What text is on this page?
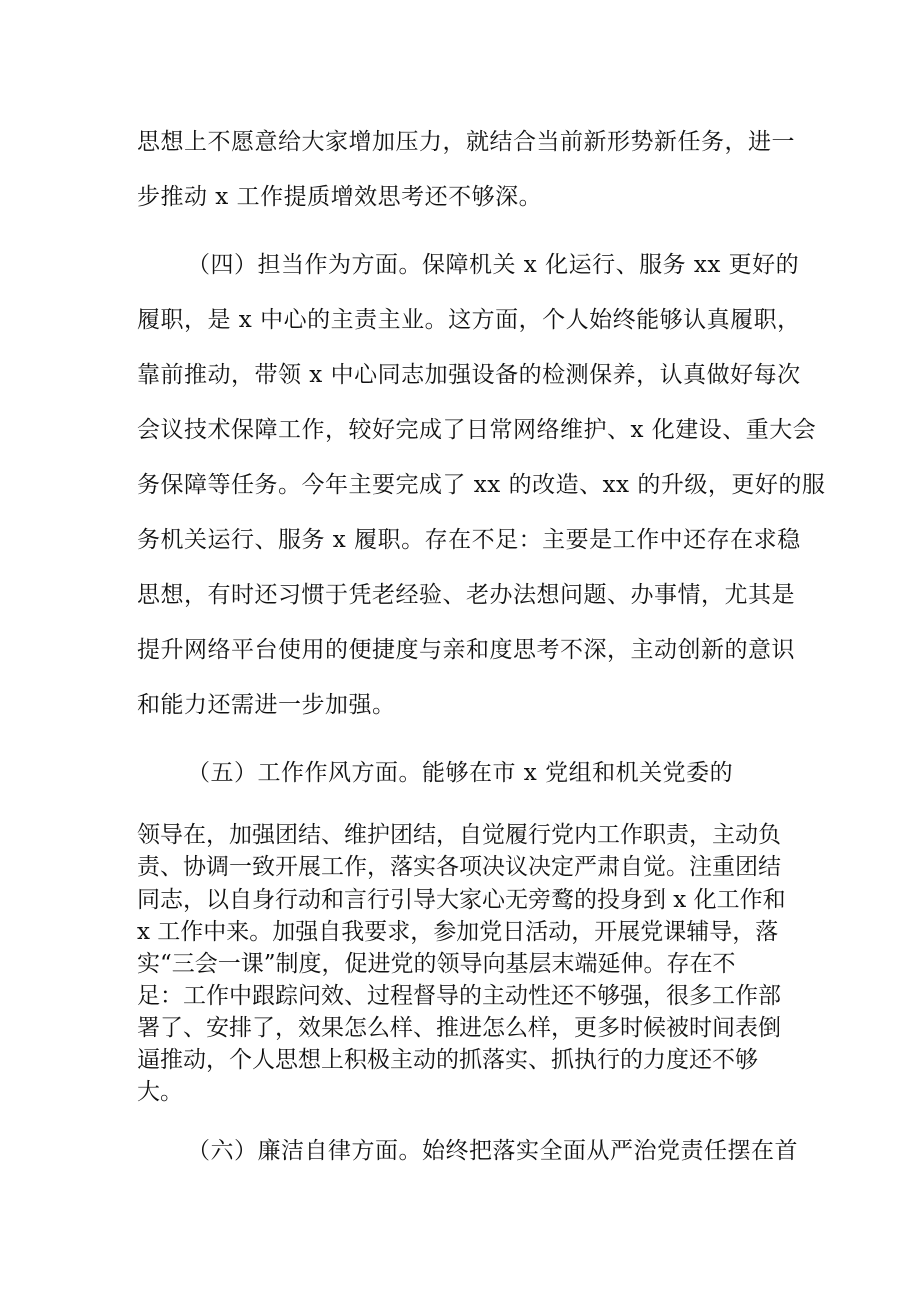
思想上不愿意给大家增加压力，就结合当前新形势新任务，进一

步推动 x 工作提质增效思考还不够深。

（四）担当作为方面。保障机关 x 化运行、服务 xx 更好的

履职，是 x 中心的主责主业。这方面，个人始终能够认真履职，

靠前推动，带领 x 中心同志加强设备的检测保养，认真做好每次

会议技术保障工作，较好完成了日常网络维护、x 化建设、重大会

务保障等任务。今年主要完成了 xx 的改造、xx 的升级，更好的服

务机关运行、服务 x 履职。存在不足：主要是工作中还存在求稳

思想，有时还习惯于凭老经验、老办法想问题、办事情，尤其是

提升网络平台使用的便捷度与亲和度思考不深，主动创新的意识

和能力还需进一步加强。

（五）工作作风方面。能够在市 x 党组和机关党委的

领导在，加强团结、维护团结，自觉履行党内工作职责，主动负

责、协调一致开展工作，落实各项决议决定严肃自觉。注重团结

同志，以自身行动和言行引导大家心无旁鹜的投身到 x 化工作和

x 工作中来。加强自我要求，参加党日活动，开展党课辅导，落

实“三会一课”制度，促进党的领导向基层末端延伸。存在不

足：工作中跟踪问效、过程督导的主动性还不够强，很多工作部

署了、安排了，效果怎么样、推进怎么样，更多时候被时间表倒

逼推动，个人思想上积极主动的抓落实、抓执行的力度还不够

大。

（六）廉洁自律方面。始终把落实全面从严治党责任摆在首
